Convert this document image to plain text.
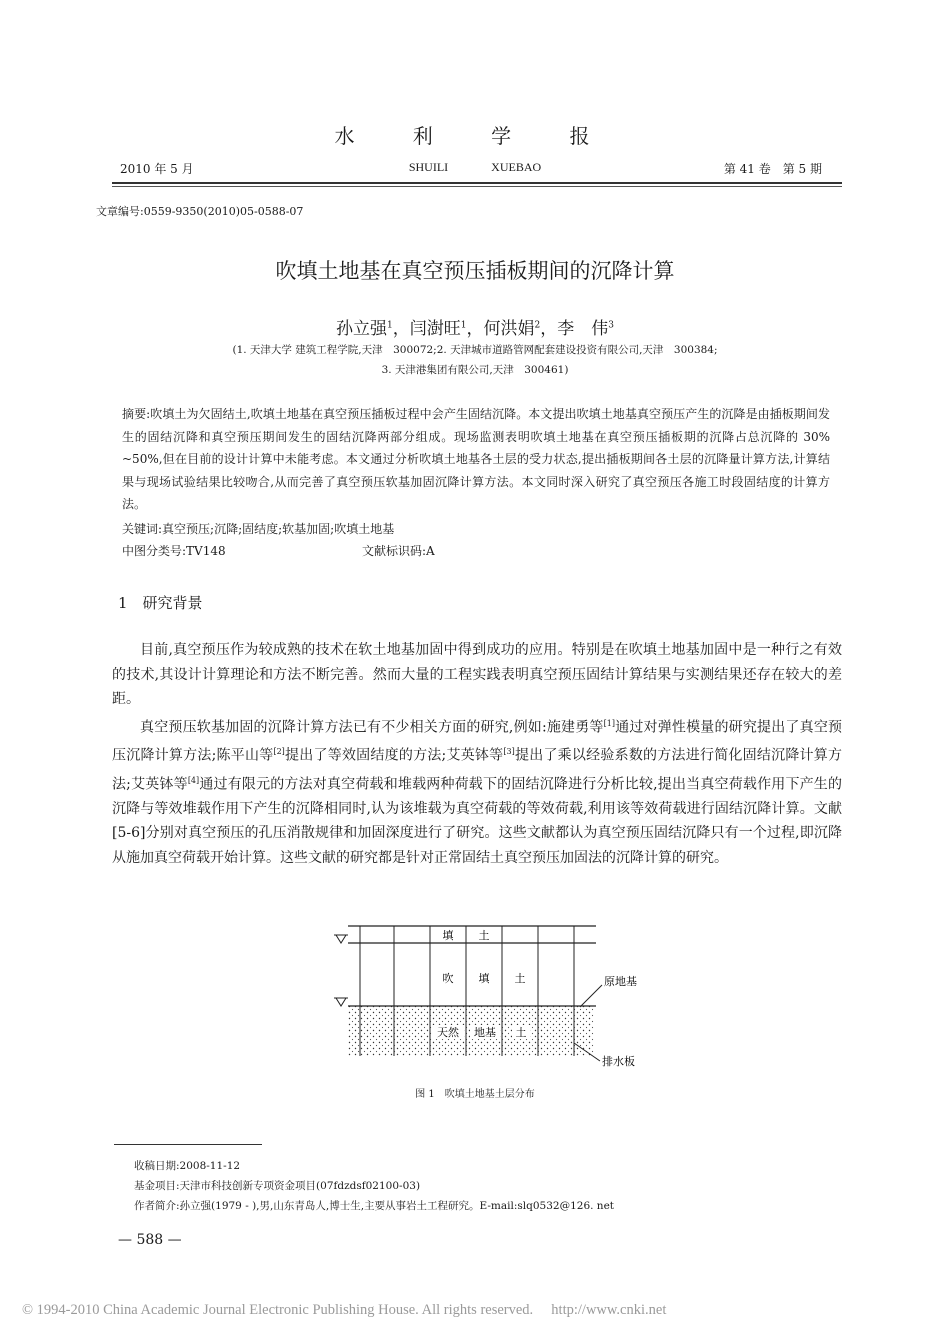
水 利 学 报
2010 年 5 月	SHUILI	XUEBAO	第 41 卷　第 5 期
文章编号:0559-9350(2010)05-0588-07
吹填土地基在真空预压插板期间的沉降计算
孙立强$^1$，闫澍旺$^1$，何洪娟$^2$，李　伟$^3$
(1. 天津大学 建筑工程学院,天津　300072;2. 天津城市道路管网配套建设投资有限公司,天津　300384;
3. 天津港集团有限公司,天津　300461)
摘要:吹填土为欠固结土,吹填土地基在真空预压插板过程中会产生固结沉降。本文提出吹填土地基真空预压产生的沉降是由插板期间发生的固结沉降和真空预压期间发生的固结沉降两部分组成。现场监测表明吹填土地基在真空预压插板期的沉降占总沉降的 30% ~50%,但在目前的设计计算中未能考虑。本文通过分析吹填土地基各土层的受力状态,提出插板期间各土层的沉降量计算方法,计算结果与现场试验结果比较吻合,从而完善了真空预压软基加固沉降计算方法。本文同时深入研究了真空预压各施工时段固结度的计算方法。
关键词:真空预压;沉降;固结度;软基加固;吹填土地基
中图分类号:TV148	文献标识码:A
1　研究背景

目前,真空预压作为较成熟的技术在软土地基加固中得到成功的应用。特别是在吹填土地基加固中是一种行之有效的技术,其设计计算理论和方法不断完善。然而大量的工程实践表明真空预压固结计算结果与实测结果还存在较大的差距。

真空预压软基加固的沉降计算方法已有不少相关方面的研究,例如:施建勇等[1]通过对弹性模量的研究提出了真空预压沉降计算方法;陈平山等[2]提出了等效固结度的方法;艾英钵等[3]提出了乘以经验系数的方法进行简化固结沉降计算方法;艾英钵等[4]通过有限元的方法对真空荷载和堆载两种荷载下的固结沉降进行分析比较,提出当真空荷载作用下产生的沉降与等效堆载作用下产生的沉降相同时,认为该堆载为真空荷载的等效荷载,利用该等效荷载进行固结沉降计算。文献[5-6]分别对真空预压的孔压消散规律和加固深度进行了研究。这些文献都认为真空预压固结沉降只有一个过程,即沉降从施加真空荷载开始计算。这些文献的研究都是针对正常固结土真空预压加固法的沉降计算的研究。

填 土
吹 填 土
天然 地基 土
原地基
排水板
图 1　吹填土地基土层分布
收稿日期:2008-11-12
基金项目:天津市科技创新专项资金项目(07fdzdsf02100-03)
作者简介:孙立强(1979 - ),男,山东青岛人,博士生,主要从事岩土工程研究。E-mail:slq0532@126. net
— 588 —
© 1994-2010 China Academic Journal Electronic Publishing House. All rights reserved.　 http://www.cnki.net
